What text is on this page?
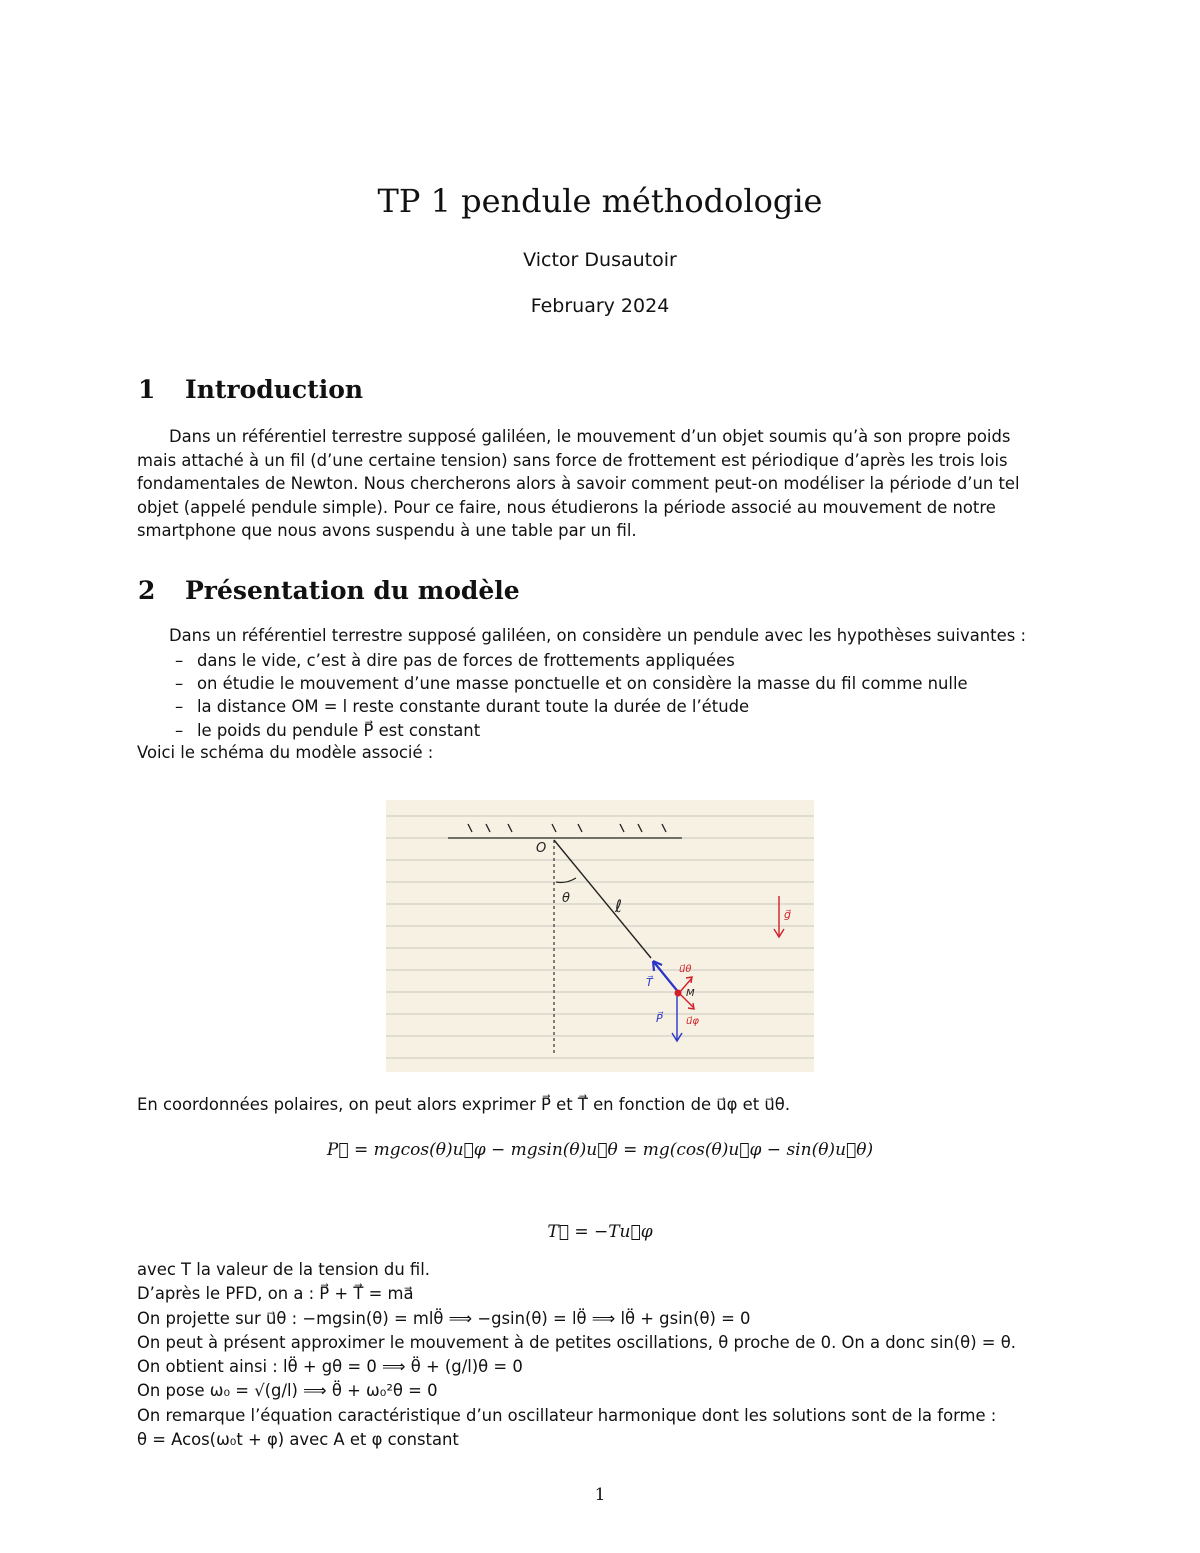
TP 1 pendule méthodologie
Victor Dusautoir
February 2024
1 Introduction
Dans un référentiel terrestre supposé galiléen, le mouvement d’un objet soumis qu’à son propre poids
mais attaché à un fil (d’une certaine tension) sans force de frottement est périodique d’après les trois lois
fondamentales de Newton. Nous chercherons alors à savoir comment peut-on modéliser la période d’un tel
objet (appelé pendule simple). Pour ce faire, nous étudierons la période associé au mouvement de notre
smartphone que nous avons suspendu à une table par un fil.
2 Présentation du modèle
Dans un référentiel terrestre supposé galiléen, on considère un pendule avec les hypothèses suivantes :
– dans le vide, c’est à dire pas de forces de frottements appliquées
– on étudie le mouvement d’une masse ponctuelle et on considère la masse du fil comme nulle
– la distance OM = l reste constante durant toute la durée de l’étude
– le poids du pendule P⃗ est constant
Voici le schéma du modèle associé :
O
θ	ℓ
M
T⃗
P⃗
u⃗θ
u⃗φ
g⃗
En coordonnées polaires, on peut alors exprimer P⃗ et T⃗ en fonction de u⃗φ et u⃗θ.
P⃗ = mgcos(θ)u⃗φ − mgsin(θ)u⃗θ = mg(cos(θ)u⃗φ − sin(θ)u⃗θ)
T⃗ = −Tu⃗φ
avec T la valeur de la tension du fil.
D’après le PFD, on a : P⃗ + T⃗ = ma⃗
On projette sur u⃗θ : −mgsin(θ) = mlθ̈ ⟹ −gsin(θ) = lθ̈ ⟹ lθ̈ + gsin(θ) = 0
On peut à présent approximer le mouvement à de petites oscillations, θ proche de 0. On a donc sin(θ) = θ.
On obtient ainsi : lθ̈ + gθ = 0 ⟹ θ̈ + (g/l)θ = 0
On pose ω₀ = √(g/l) ⟹ θ̈ + ω₀²θ = 0
On remarque l’équation caractéristique d’un oscillateur harmonique dont les solutions sont de la forme :
θ = Acos(ω₀t + φ) avec A et φ constant
1
